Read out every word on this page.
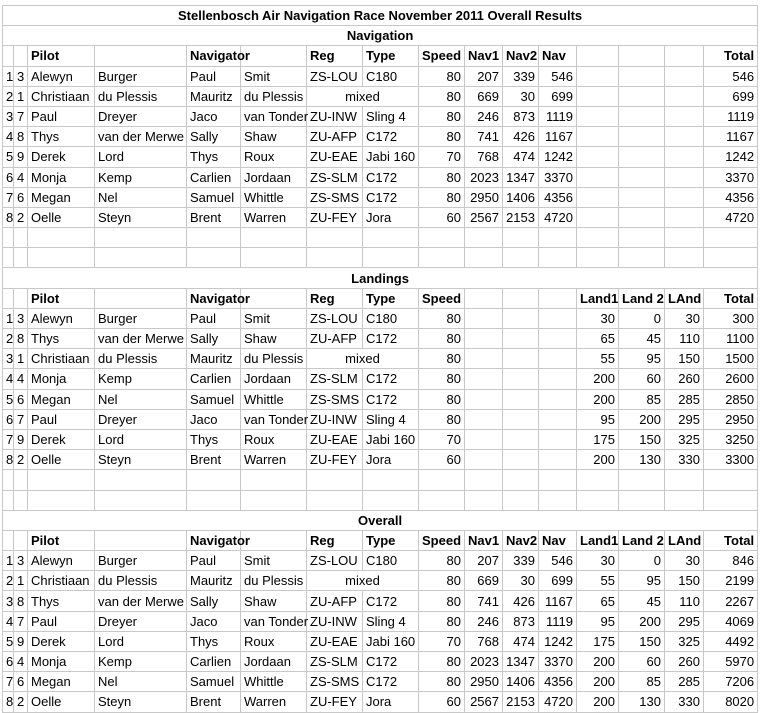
Stellenbosch Air Navigation Race November 2011 Overall Results															
Navigation															
		Pilot		Navigator		Reg	Type	Speed	Nav1	Nav2	Nav				Total
1	3	Alewyn	Burger	Paul	Smit	ZS-LOU	C180	80	207	339	546				546
2	1	Christiaan	du Plessis	Mauritz	du Plessis	mixed		80	669	30	699				699
3	7	Paul	Dreyer	Jaco	van Tonder	ZU-INW	Sling 4	80	246	873	1119				1119
4	8	Thys	van der Merwe	Sally	Shaw	ZU-AFP	C172	80	741	426	1167				1167
5	9	Derek	Lord	Thys	Roux	ZU-EAE	Jabi 160	70	768	474	1242				1242
6	4	Monja	Kemp	Carlien	Jordaan	ZS-SLM	C172	80	2023	1347	3370				3370
7	6	Megan	Nel	Samuel	Whittle	ZS-SMS	C172	80	2950	1406	4356				4356
8	2	Oelle	Steyn	Brent	Warren	ZU-FEY	Jora	60	2567	2153	4720				4720

Landings															
		Pilot		Navigator		Reg	Type	Speed				Land1	Land 2	LAnd	Total
1	3	Alewyn	Burger	Paul	Smit	ZS-LOU	C180	80				30	0	30	300
2	8	Thys	van der Merwe	Sally	Shaw	ZU-AFP	C172	80				65	45	110	1100
3	1	Christiaan	du Plessis	Mauritz	du Plessis	mixed		80				55	95	150	1500
4	4	Monja	Kemp	Carlien	Jordaan	ZS-SLM	C172	80				200	60	260	2600
5	6	Megan	Nel	Samuel	Whittle	ZS-SMS	C172	80				200	85	285	2850
6	7	Paul	Dreyer	Jaco	van Tonder	ZU-INW	Sling 4	80				95	200	295	2950
7	9	Derek	Lord	Thys	Roux	ZU-EAE	Jabi 160	70				175	150	325	3250
8	2	Oelle	Steyn	Brent	Warren	ZU-FEY	Jora	60				200	130	330	3300

Overall															
		Pilot		Navigator		Reg	Type	Speed	Nav1	Nav2	Nav	Land1	Land 2	LAnd	Total
1	3	Alewyn	Burger	Paul	Smit	ZS-LOU	C180	80	207	339	546	30	0	30	846
2	1	Christiaan	du Plessis	Mauritz	du Plessis	mixed		80	669	30	699	55	95	150	2199
3	8	Thys	van der Merwe	Sally	Shaw	ZU-AFP	C172	80	741	426	1167	65	45	110	2267
4	7	Paul	Dreyer	Jaco	van Tonder	ZU-INW	Sling 4	80	246	873	1119	95	200	295	4069
5	9	Derek	Lord	Thys	Roux	ZU-EAE	Jabi 160	70	768	474	1242	175	150	325	4492
6	4	Monja	Kemp	Carlien	Jordaan	ZS-SLM	C172	80	2023	1347	3370	200	60	260	5970
7	6	Megan	Nel	Samuel	Whittle	ZS-SMS	C172	80	2950	1406	4356	200	85	285	7206
8	2	Oelle	Steyn	Brent	Warren	ZU-FEY	Jora	60	2567	2153	4720	200	130	330	8020
